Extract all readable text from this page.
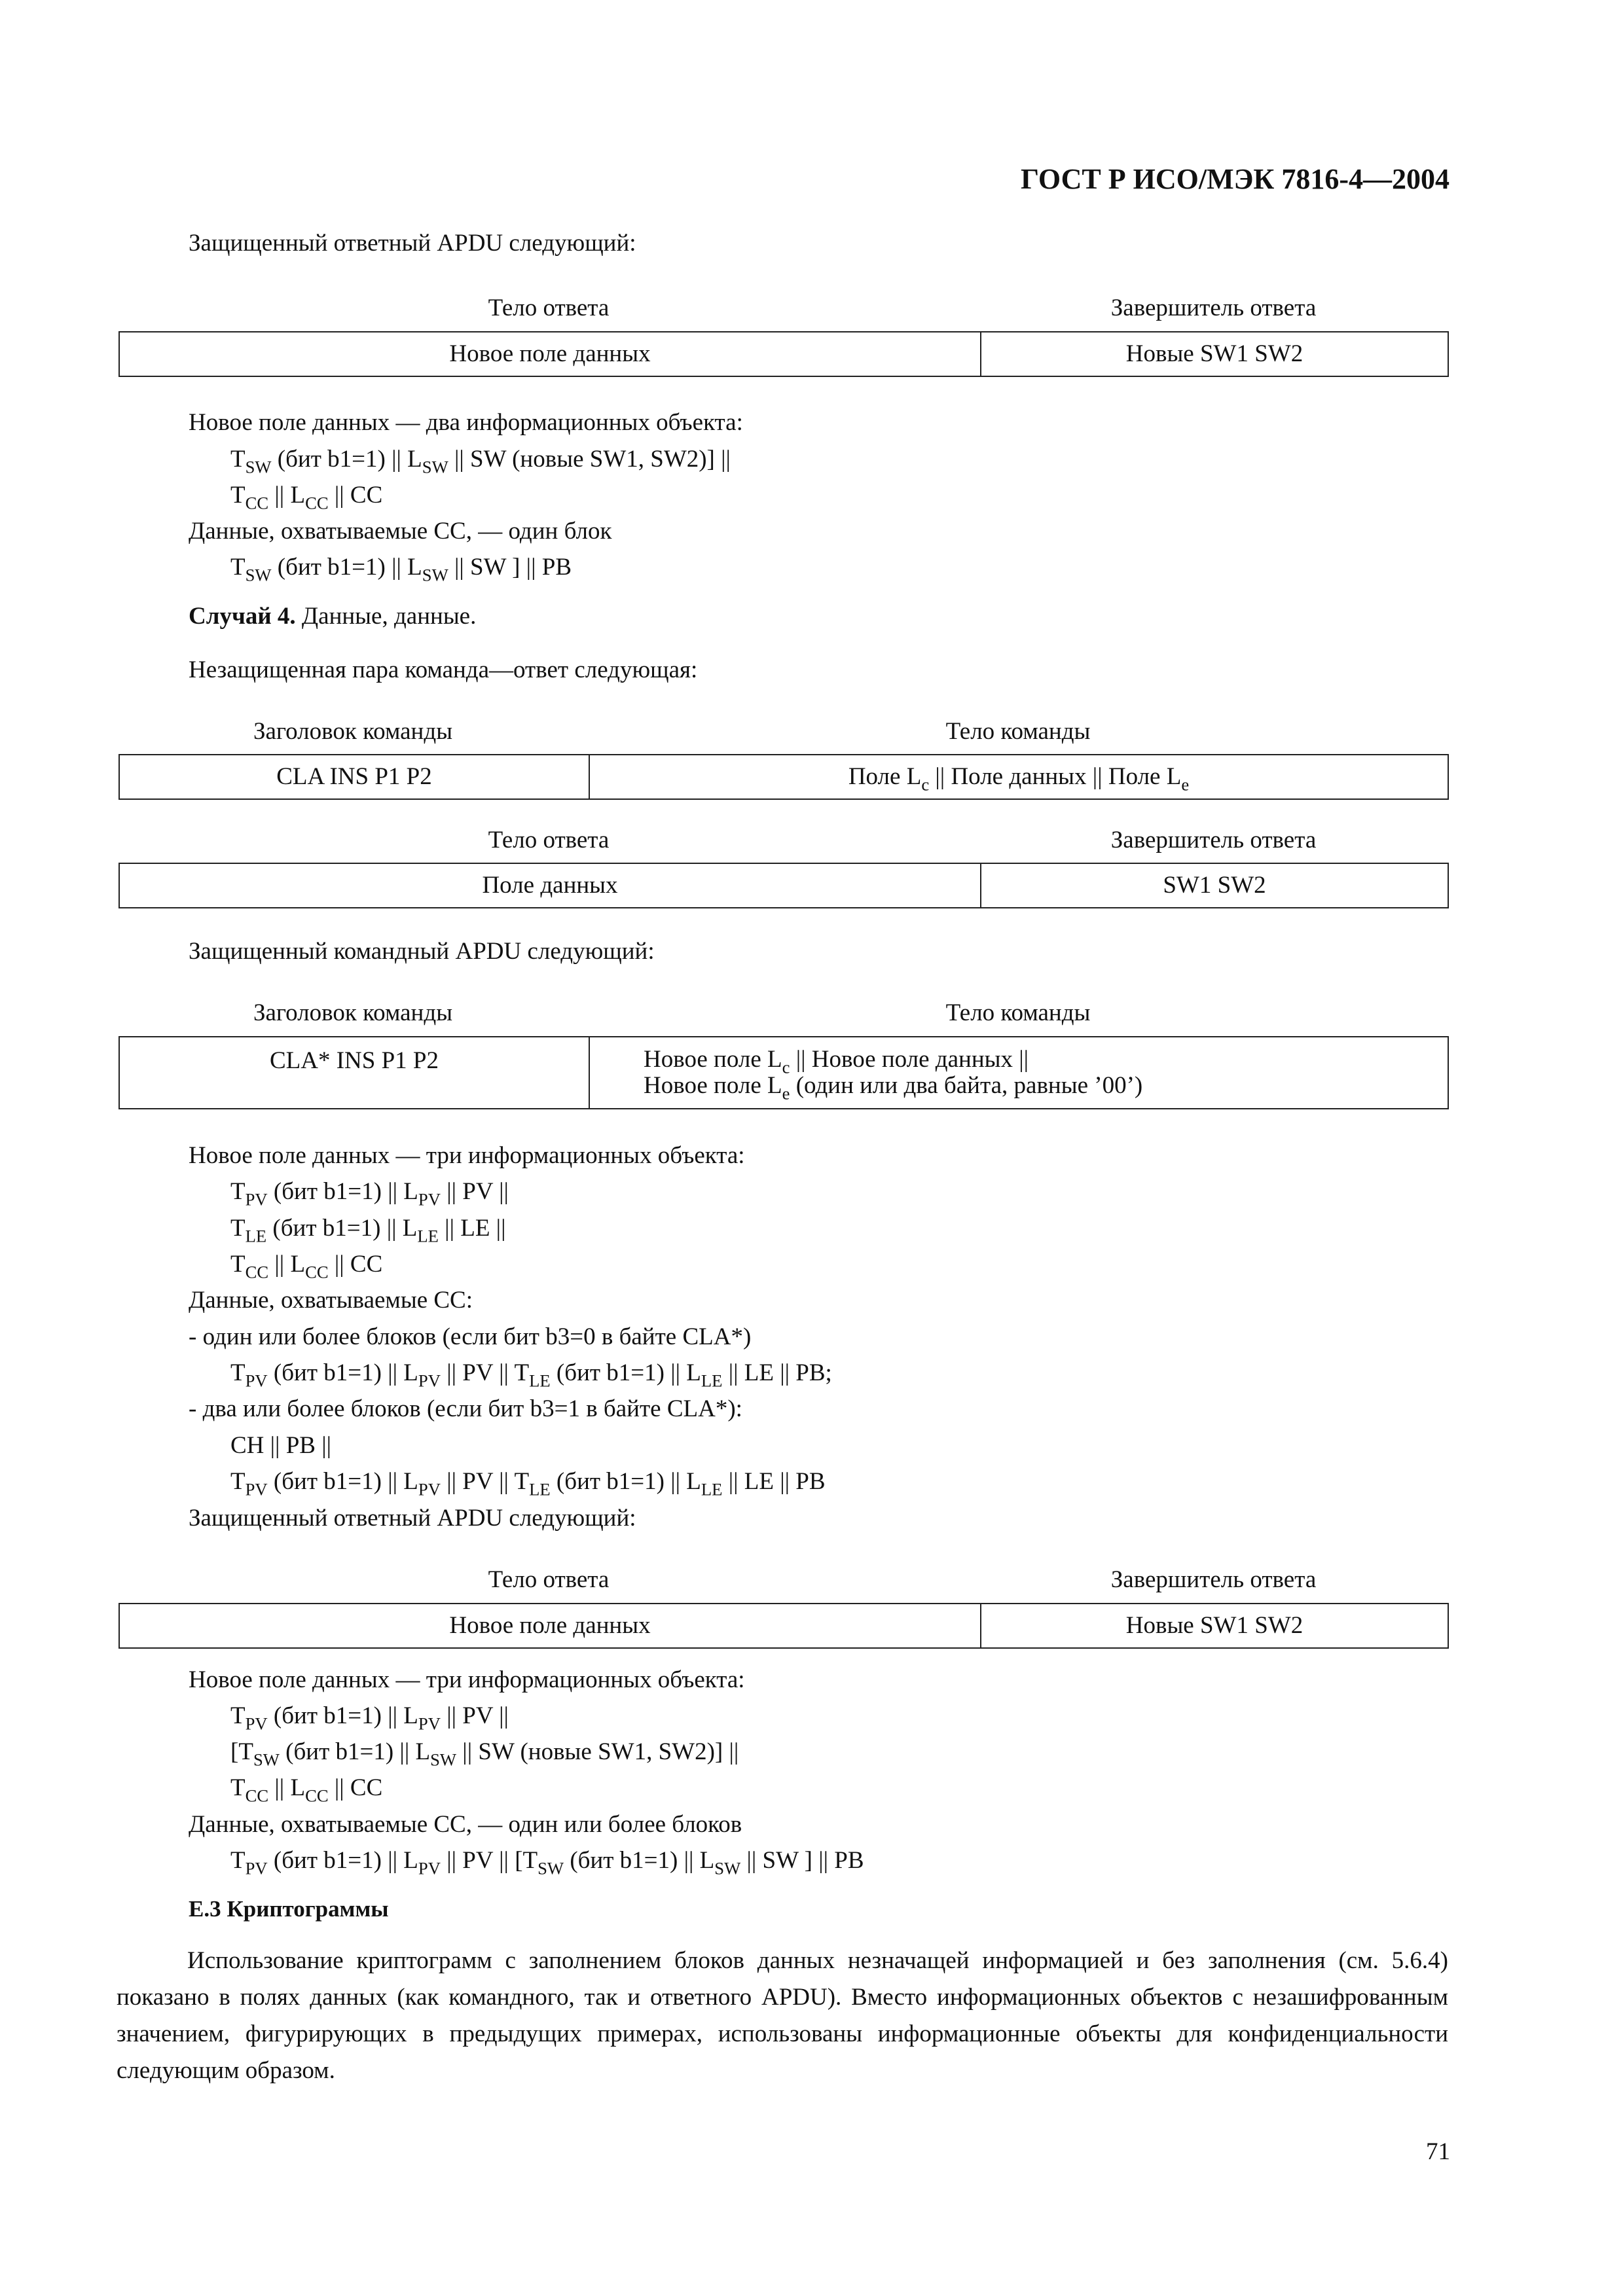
ГОСТ Р ИСО/МЭК 7816-4—2004
Защищенный ответный APDU следующий:
Тело ответа	Завершитель ответа
Новое поле данных	Новые SW1 SW2
Новое поле данных — два информационных объекта:
$T_{SW}$ (бит b1=1) || $L_{SW}$ || SW (новые SW1, SW2)] ||
$T_{CC}$ || $L_{CC}$ || CC
Данные, охватываемые CC, — один блок
$T_{SW}$ (бит b1=1) || $L_{SW}$ || SW ] || PB
Случай 4. Данные, данные.
Незащищенная пара команда—ответ следующая:
Заголовок команды	Тело команды
CLA INS P1 P2	Поле $L_c$ || Поле данных || Поле $L_e$
Тело ответа	Завершитель ответа
Поле данных	SW1 SW2
Защищенный командный APDU следующий:
Заголовок команды	Тело команды
CLA* INS P1 P2	Новое поле $L_c$ || Новое поле данных ||
Новое поле $L_e$ (один или два байта, равные ’00’)
Новое поле данных — три информационных объекта:
$T_{PV}$ (бит b1=1) || $L_{PV}$ || PV ||
$T_{LE}$ (бит b1=1) || $L_{LE}$ || LE ||
$T_{CC}$ || $L_{CC}$ || CC
Данные, охватываемые CC:
- один или более блоков (если бит b3=0 в байте CLA*)
$T_{PV}$ (бит b1=1) || $L_{PV}$ || PV || $T_{LE}$ (бит b1=1) || $L_{LE}$ || LE || PB;
- два или более блоков (если бит b3=1 в байте CLA*):
CH || PB ||
$T_{PV}$ (бит b1=1) || $L_{PV}$ || PV || $T_{LE}$ (бит b1=1) || $L_{LE}$ || LE || PB
Защищенный ответный APDU следующий:
Тело ответа	Завершитель ответа
Новое поле данных	Новые SW1 SW2
Новое поле данных — три информационных объекта:
$T_{PV}$ (бит b1=1) || $L_{PV}$ || PV ||
[$T_{SW}$ (бит b1=1) || $L_{SW}$ || SW (новые SW1, SW2)] ||
$T_{CC}$ || $L_{CC}$ || CC
Данные, охватываемые CC, — один или более блоков
$T_{PV}$ (бит b1=1) || $L_{PV}$ || PV || [$T_{SW}$ (бит b1=1) || $L_{SW}$ || SW ] || PB
Е.3 Криптограммы
Использование криптограмм с заполнением блоков данных незначащей информацией и без заполнения (см. 5.6.4) показано в полях данных (как командного, так и ответного APDU). Вместо информационных объектов с незашифрованным значением, фигурирующих в предыдущих примерах, использованы информационные объекты для конфиденциальности следующим образом.
71
